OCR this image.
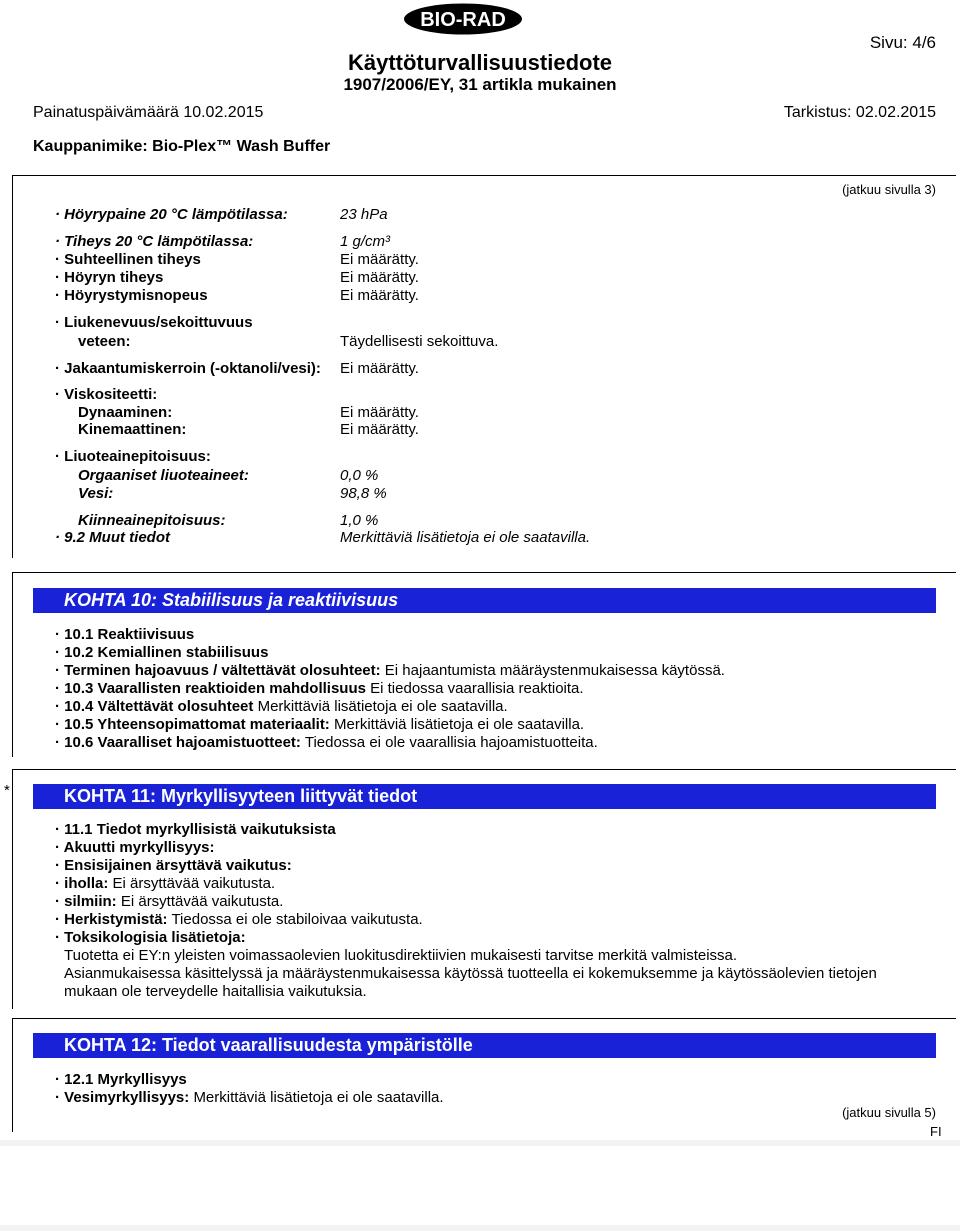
BIO-RAD
Käyttöturvallisuustiedote
1907/2006/EY, 31 artikla mukainen
Sivu: 4/6
Painatuspäivämäärä 10.02.2015	Tarkistus: 02.02.2015
Kauppanimike: Bio-Plex™ Wash Buffer
(jatkuu sivulla 3)
· Höyrypaine 20 °C lämpötilassa:	23 hPa
· Tiheys 20 °C lämpötilassa:	1 g/cm³
· Suhteellinen tiheys	Ei määrätty.
· Höyryn tiheys	Ei määrätty.
· Höyrystymisnopeus	Ei määrätty.
· Liukenevuus/sekoittuvuus
veteen:	Täydellisesti sekoittuva.
· Jakaantumiskerroin (-oktanoli/vesi): Ei määrätty.
· Viskositeetti:
Dynaaminen:	Ei määrätty.
Kinemaattinen:	Ei määrätty.
· Liuoteainepitoisuus:
Orgaaniset liuoteaineet:	0,0 %
Vesi:	98,8 %
Kiinneainepitoisuus:	1,0 %
· 9.2 Muut tiedot	Merkittäviä lisätietoja ei ole saatavilla.
KOHTA 10: Stabiilisuus ja reaktiivisuus
· 10.1 Reaktiivisuus
· 10.2 Kemiallinen stabiilisuus
· Terminen hajoavuus / vältettävät olosuhteet: Ei hajaantumista määräystenmukaisessa käytössä.
· 10.3 Vaarallisten reaktioiden mahdollisuus Ei tiedossa vaarallisia reaktioita.
· 10.4 Vältettävät olosuhteet Merkittäviä lisätietoja ei ole saatavilla.
· 10.5 Yhteensopimattomat materiaalit: Merkittäviä lisätietoja ei ole saatavilla.
· 10.6 Vaaralliset hajoamistuotteet: Tiedossa ei ole vaarallisia hajoamistuotteita.
*	KOHTA 11: Myrkyllisyyteen liittyvät tiedot
· 11.1 Tiedot myrkyllisistä vaikutuksista
· Akuutti myrkyllisyys:
· Ensisijainen ärsyttävä vaikutus:
· iholla: Ei ärsyttävää vaikutusta.
· silmiin: Ei ärsyttävää vaikutusta.
· Herkistymistä: Tiedossa ei ole stabiloivaa vaikutusta.
· Toksikologisia lisätietoja:
Tuotetta ei EY:n yleisten voimassaolevien luokitusdirektiivien mukaisesti tarvitse merkitä valmisteissa.
Asianmukaisessa käsittelyssä ja määräystenmukaisessa käytössä tuotteella ei kokemuksemme ja käytössäolevien tietojen
mukaan ole terveydelle haitallisia vaikutuksia.
KOHTA 12: Tiedot vaarallisuudesta ympäristölle
· 12.1 Myrkyllisyys
· Vesimyrkyllisyys: Merkittäviä lisätietoja ei ole saatavilla.
(jatkuu sivulla 5)
FI
